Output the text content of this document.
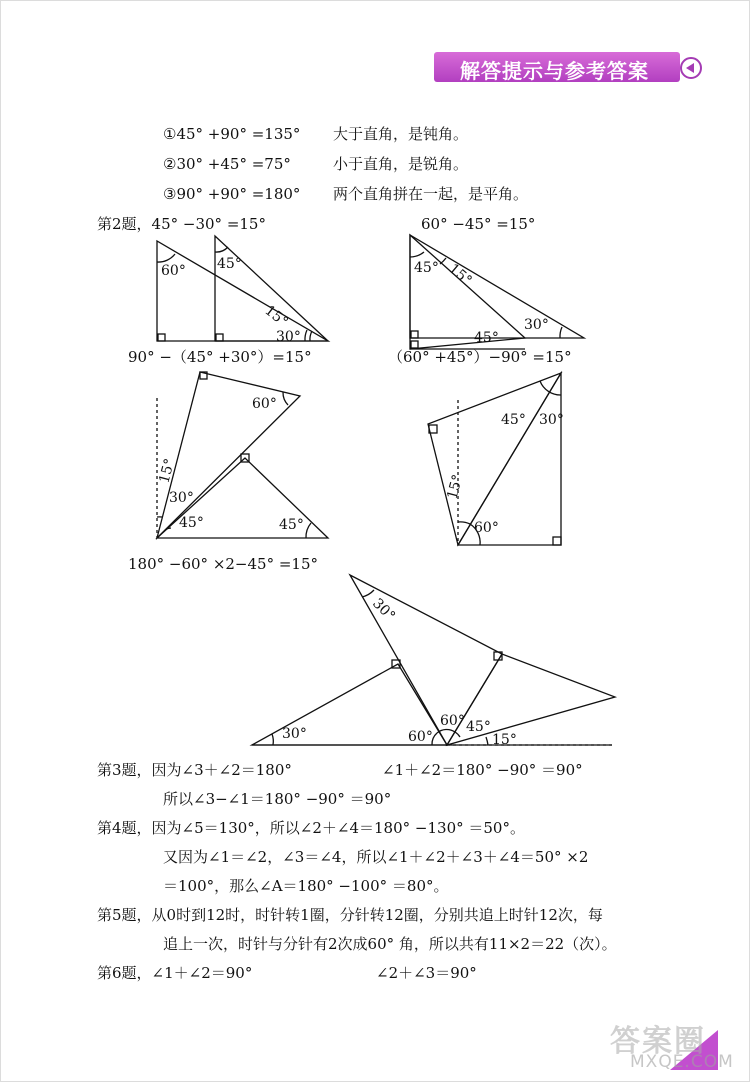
解答提示与参考答案
①45° +90° =135° 大于直角，是钝角。
②30° +45° =75°	小于直角，是锐角。
③90° +90° =180° 两个直角拼在一起，是平角。
第2题，45° −30° =15°	60° −45° =15°
90° −（45° +30°）=15°	（60° +45°）−90° =15°
180° −60° ×2−45° =15°
60° 45°
15°
30°
45° 15°
45°
30°
60°
15°
30°
45°	45°
45° 30°
15°
60°
30°
30°
60°
60° 45°
15°
第3题，因为∠3＋∠2＝180°	∠1＋∠2＝180° −90° ＝90°
所以∠3−∠1＝180° −90° ＝90°
第4题，因为∠5＝130°，所以∠2＋∠4＝180° −130° ＝50°。
又因为∠1＝∠2，∠3＝∠4，所以∠1＋∠2＋∠3＋∠4＝50° ×2
＝100°，那么∠A＝180° −100° ＝80°。
第5题，从0时到12时，时针转1圈，分针转12圈，分别共追上时针12次，每
追上一次，时针与分针有2次成60° 角，所以共有11×2＝22（次）。
第6题，∠1＋∠2＝90°	∠2＋∠3＝90°
答案圈
MXQE.COM
